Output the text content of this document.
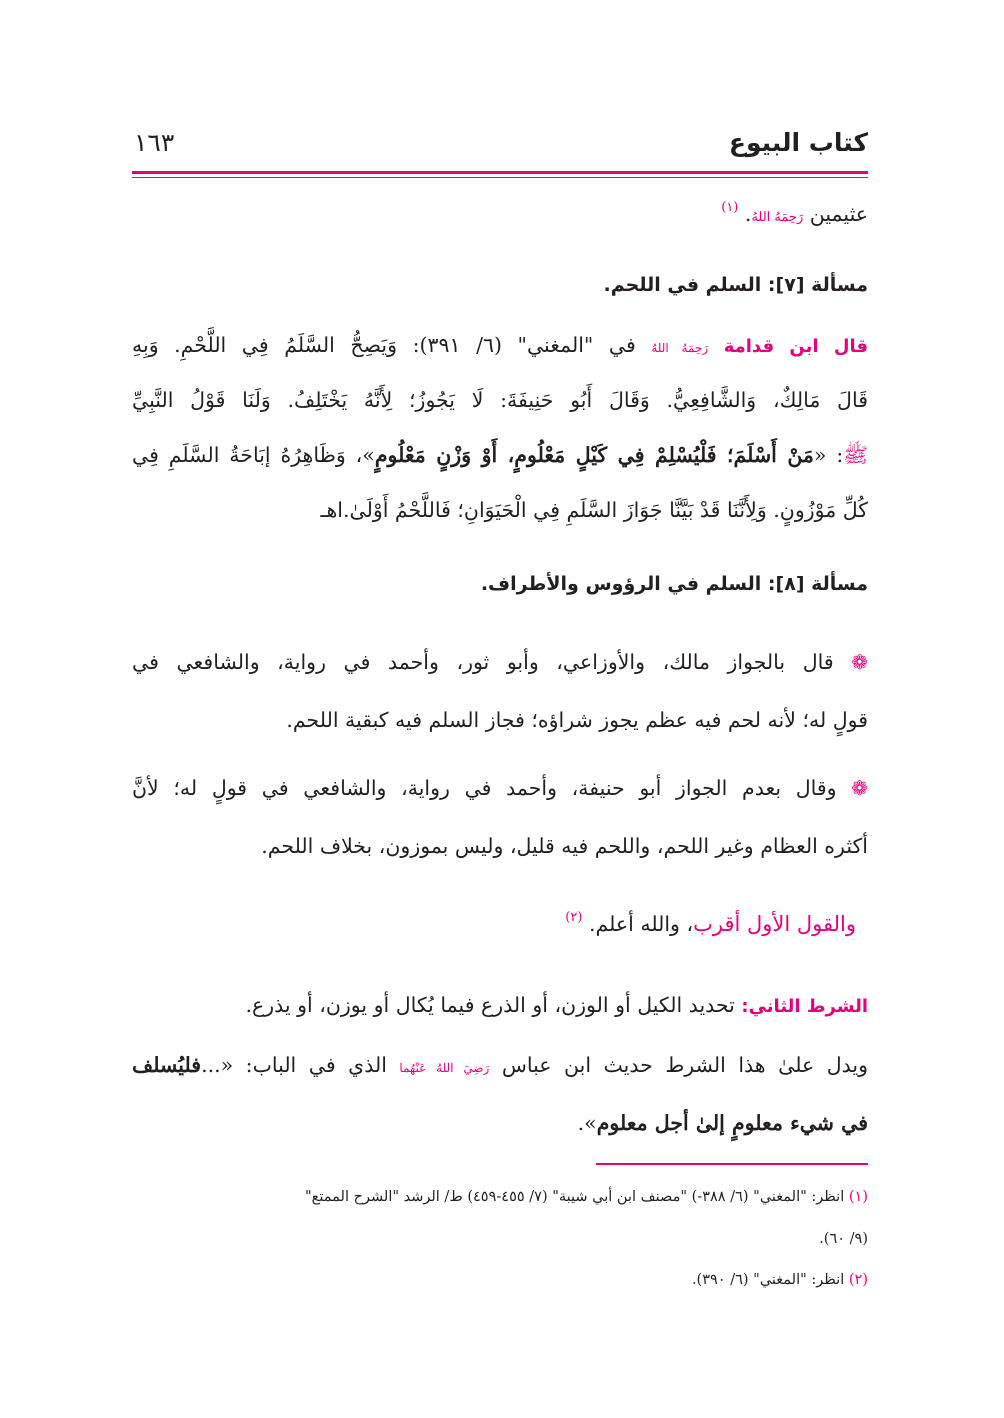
كتاب البيوع
١٦٣
عثيمين رَحِمَهُ اللهُ. $^{(١)}$
مسألة [٧]: السلم في اللحم.
قال ابن قدامة رَحِمَهُ اللهُ في "المغني" (٦/ ٣٩١): وَيَصِحُّ السَّلَمُ فِي اللَّحْمِ. وَبِهِ
قَالَ مَالِكٌ، وَالشَّافِعِيُّ. وَقَالَ أَبُو حَنِيفَةَ: لَا يَجُوزُ؛ لِأَنَّهُ يَخْتَلِفُ. وَلَنَا قَوْلُ النَّبِيِّ
ﷺ: «مَنْ أَسْلَمَ؛ فَلْيُسْلِمْ فِي كَيْلٍ مَعْلُومٍ، أَوْ وَزْنٍ مَعْلُومٍ»، وَظَاهِرُهُ إبَاحَةُ السَّلَمِ فِي
كُلِّ مَوْزُونٍ. وَلِأَنَّنَا قَدْ بَيَّنَّا جَوَازَ السَّلَمِ فِي الْحَيَوَانِ؛ فَاللَّحْمُ أَوْلَىٰ.اهـ
مسألة [٨]: السلم في الرؤوس والأطراف.
❁ قال بالجواز مالك، والأوزاعي، وأبو ثور، وأحمد في رواية، والشافعي في
قولٍ له؛ لأنه لحم فيه عظم يجوز شراؤه؛ فجاز السلم فيه كبقية اللحم.
❁ وقال بعدم الجواز أبو حنيفة، وأحمد في رواية، والشافعي في قولٍ له؛ لأنَّ
أكثره العظام وغير اللحم، واللحم فيه قليل، وليس بموزون، بخلاف اللحم.
والقول الأول أقرب، والله أعلم. $^{(٢)}$
الشرط الثاني: تحديد الكيل أو الوزن، أو الذرع فيما يُكال أو يوزن، أو يذرع.
ويدل علىٰ هذا الشرط حديث ابن عباس رَضِيَ اللهُ عَنْهُما الذي في الباب: «...فليُسلف
في شيء معلومٍ إلىٰ أجل معلوم».
(١) انظر: "المغني" (٦/ ٣٨٨-) "مصنف ابن أبي شيبة" (٧/ ٤٥٥-٤٥٩) ط/ الرشد "الشرح الممتع"
(٩/ ٦٠).
(٢) انظر: "المغني" (٦/ ٣٩٠).
